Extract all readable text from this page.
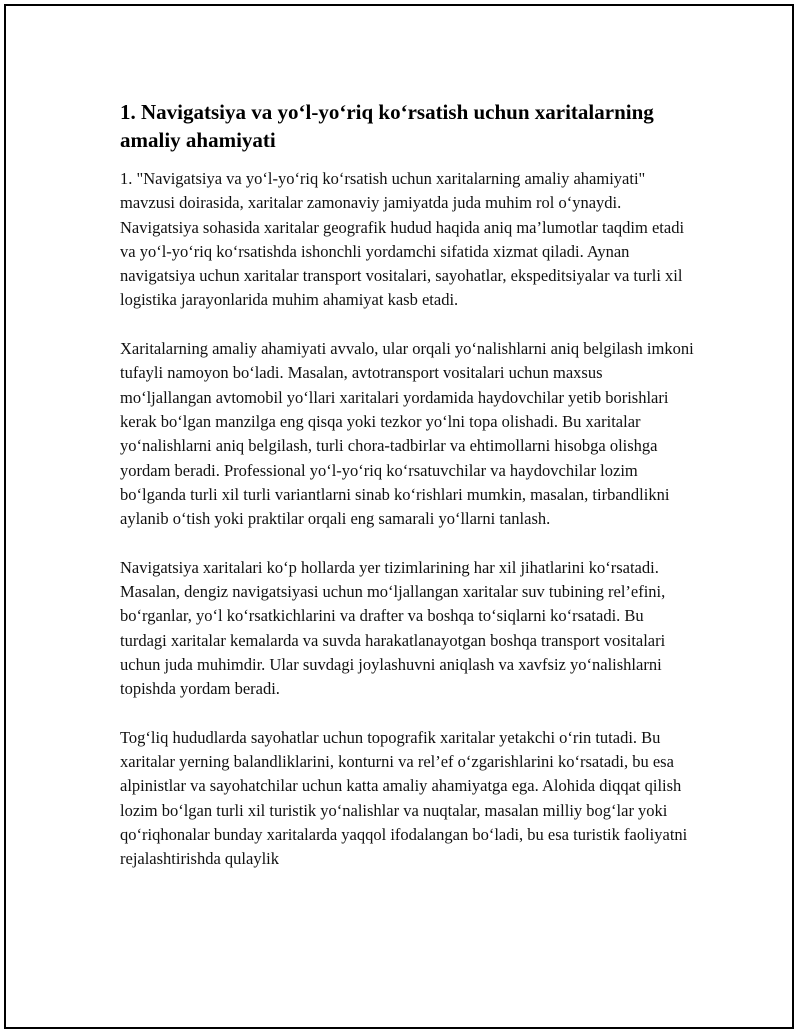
1. Navigatsiya va yo‘l-yo‘riq ko‘rsatish uchun xaritalarning amaliy ahamiyati

1. "Navigatsiya va yo‘l-yo‘riq ko‘rsatish uchun xaritalarning amaliy ahamiyati" mavzusi doirasida, xaritalar zamonaviy jamiyatda juda muhim rol o‘ynaydi. Navigatsiya sohasida xaritalar geografik hudud haqida aniq ma’lumotlar taqdim etadi va yo‘l-yo‘riq ko‘rsatishda ishonchli yordamchi sifatida xizmat qiladi. Aynan navigatsiya uchun xaritalar transport vositalari, sayohatlar, ekspeditsiyalar va turli xil logistika jarayonlarida muhim ahamiyat kasb etadi.

Xaritalarning amaliy ahamiyati avvalo, ular orqali yo‘nalishlarni aniq belgilash imkoni tufayli namoyon bo‘ladi. Masalan, avtotransport vositalari uchun maxsus mo‘ljallangan avtomobil yo‘llari xaritalari yordamida haydovchilar yetib borishlari kerak bo‘lgan manzilga eng qisqa yoki tezkor yo‘lni topa olishadi. Bu xaritalar yo‘nalishlarni aniq belgilash, turli chora-tadbirlar va ehtimollarni hisobga olishga yordam beradi. Professional yo‘l-yo‘riq ko‘rsatuvchilar va haydovchilar lozim bo‘lganda turli xil turli variantlarni sinab ko‘rishlari mumkin, masalan, tirbandlikni aylanib o‘tish yoki praktilar orqali eng samarali yo‘llarni tanlash.

Navigatsiya xaritalari ko‘p hollarda yer tizimlarining har xil jihatlarini ko‘rsatadi. Masalan, dengiz navigatsiyasi uchun mo‘ljallangan xaritalar suv tubining rel’efini, bo‘rganlar, yo‘l ko‘rsatkichlarini va drafter va boshqa to‘siqlarni ko‘rsatadi. Bu turdagi xaritalar kemalarda va suvda harakatlanayotgan boshqa transport vositalari uchun juda muhimdir. Ular suvdagi joylashuvni aniqlash va xavfsiz yo‘nalishlarni topishda yordam beradi.

Tog‘liq hududlarda sayohatlar uchun topografik xaritalar yetakchi o‘rin tutadi. Bu xaritalar yerning balandliklarini, konturni va rel’ef o‘zgarishlarini ko‘rsatadi, bu esa alpinistlar va sayohatchilar uchun katta amaliy ahamiyatga ega. Alohida diqqat qilish lozim bo‘lgan turli xil turistik yo‘nalishlar va nuqtalar, masalan milliy bog‘lar yoki qo‘riqhonalar bunday xaritalarda yaqqol ifodalangan bo‘ladi, bu esa turistik faoliyatni rejalashtirishda qulaylik
